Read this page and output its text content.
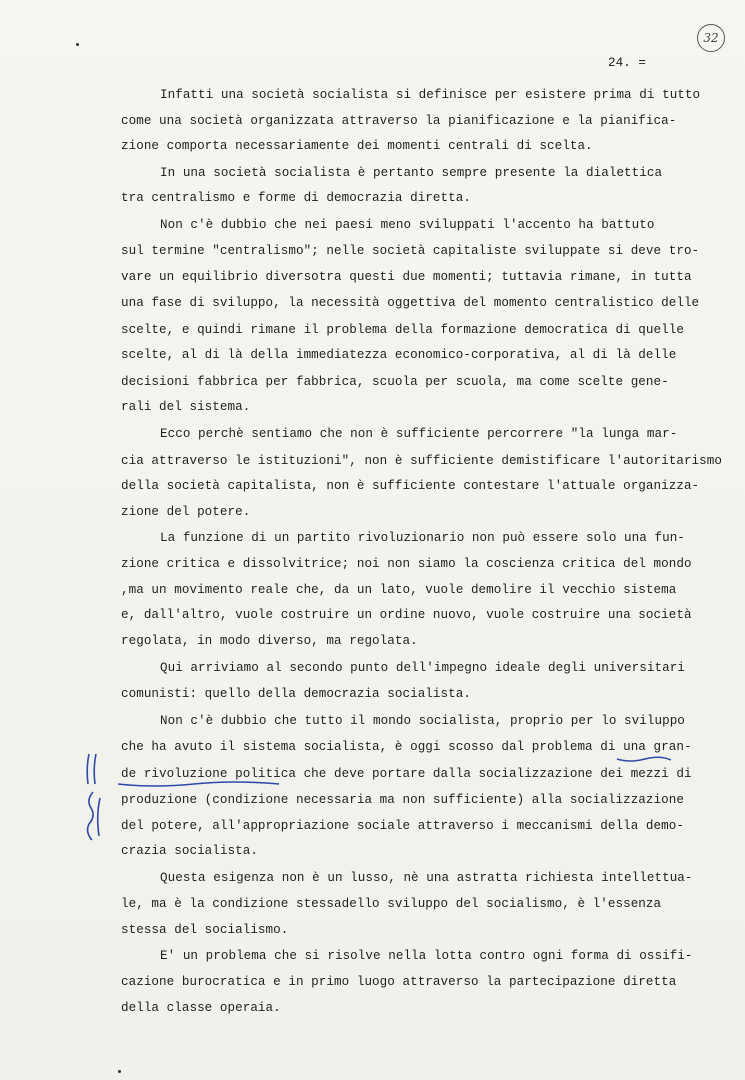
32
24. =
Infatti una società socialista si definisce per esistere prima di tutto
come una società organizzata attraverso la pianificazione e la pianifica-
zione comporta necessariamente dei momenti centrali di scelta.
In una società socialista è pertanto sempre presente la dialettica
tra centralismo e forme di democrazia diretta.
Non c'è dubbio che nei paesi meno sviluppati l'accento ha battuto
sul termine "centralismo"; nelle società capitaliste sviluppate si deve tro-
vare un equilibrio diversotra questi due momenti; tuttavia rimane, in tutta
una fase di sviluppo, la necessità oggettiva del momento centralistico delle
scelte, e quindi rimane il problema della formazione democratica di quelle
scelte, al di là della immediatezza economico-corporativa, al di là delle
decisioni fabbrica per fabbrica, scuola per scuola, ma come scelte gene-
rali del sistema.
Ecco perchè sentiamo che non è sufficiente percorrere "la lunga mar-
cia attraverso le istituzioni", non è sufficiente demistificare l'autoritarismo
della società capitalista, non è sufficiente contestare l'attuale organizza-
zione del potere.
La funzione di un partito rivoluzionario non può essere solo una fun-
zione critica e dissolvitrice; noi non siamo la coscienza critica del mondo
,ma un movimento reale che, da un lato, vuole demolire il vecchio sistema
e, dall'altro, vuole costruire un ordine nuovo, vuole costruire una società
regolata, in modo diverso, ma regolata.
Qui arriviamo al secondo punto dell'impegno ideale degli universitari
comunisti: quello della democrazia socialista.
Non c'è dubbio che tutto il mondo socialista, proprio per lo sviluppo
che ha avuto il sistema socialista, è oggi scosso dal problema di una gran-
de rivoluzione politica che deve portare dalla socializzazione dei mezzi di
produzione (condizione necessaria ma non sufficiente) alla socializzazione
del potere, all'appropriazione sociale attraverso i meccanismi della demo-
crazia socialista.
Questa esigenza non è un lusso, nè una astratta richiesta intellettua-
le, ma è la condizione stessadello sviluppo del socialismo, è l'essenza
stessa del socialismo.
E' un problema che si risolve nella lotta contro ogni forma di ossifi-
cazione burocratica e in primo luogo attraverso la partecipazione diretta
della classe operaia.
